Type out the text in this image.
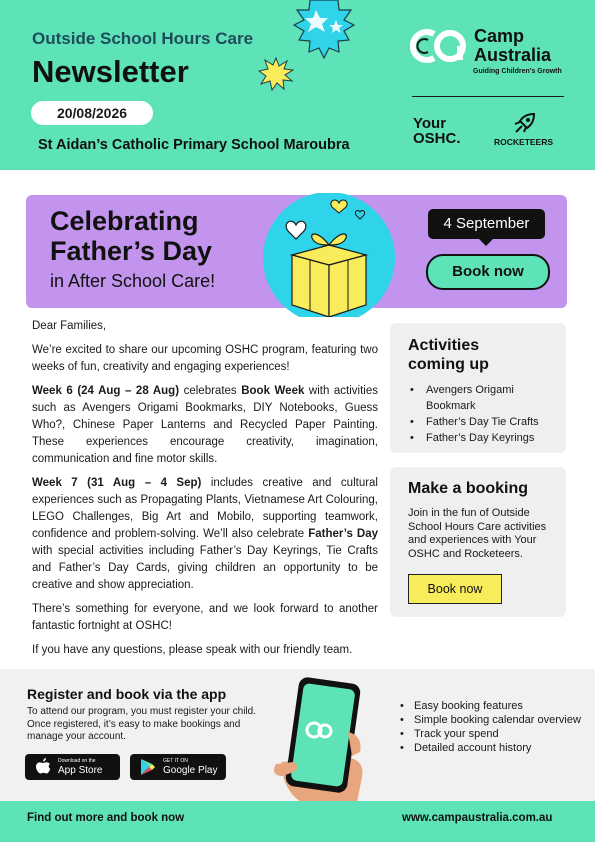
Outside School Hours Care
Newsletter
20/08/2026
St Aidan’s Catholic Primary School Maroubra
Camp
Australia
Guiding Children’s Growth
Your
OSHC.	ROCKETEERS
Celebrating
Father’s Day
in After School Care!
4 September
Book now

Dear Families,

We’re excited to share our upcoming OSHC program, featuring two weeks of fun, creativity and engaging experiences!

Week 6 (24 Aug – 28 Aug) celebrates Book Week with activities such as Avengers Origami Bookmarks, DIY Notebooks, Guess Who?, Chinese Paper Lanterns and Recycled Paper Painting. These experiences encourage creativity, imagination, communication and fine motor skills.

Week 7 (31 Aug – 4 Sep) includes creative and cultural experiences such as Propagating Plants, Vietnamese Art Colouring, LEGO Challenges, Big Art and Mobilo, supporting teamwork, confidence and problem-solving. We’ll also celebrate Father’s Day with special activities including Father’s Day Keyrings, Tie Crafts and Father’s Day Cards, giving children an opportunity to be creative and show appreciation.

There’s something for everyone, and we look forward to another fantastic fortnight at OSHC!

If you have any questions, please speak with our friendly team.

Activities
coming up
• Avengers Origami Bookmark
• Father’s Day Tie Crafts
• Father’s Day Keyrings
Make a booking
Join in the fun of Outside School Hours Care activities and experiences with Your OSHC and Rocketeers.
Book now
Register and book via the app
To attend our program, you must register your child. Once registered, it’s easy to make bookings and manage your account.
Download on the
App Store
GET IT ON
Google Play
• Easy booking features
• Simple booking calendar overview
• Track your spend
• Detailed account history
Find out more and book now	www.campaustralia.com.au
